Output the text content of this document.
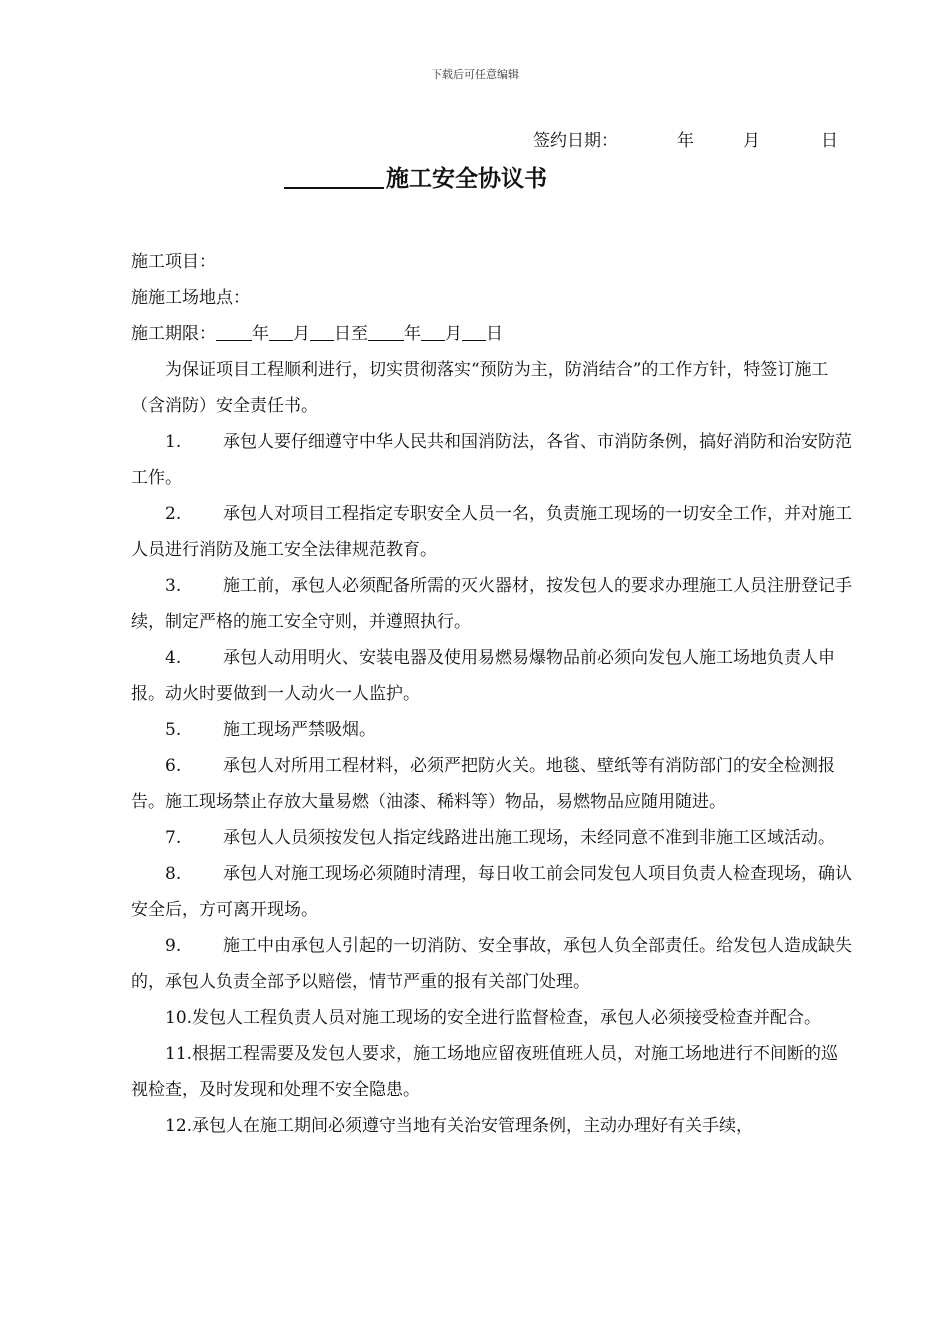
下载后可任意编辑
签约日期：	年	月	日
施工安全协议书

施工项目：

施施工场地点：

施工期限： 年 月 日至 年 月 日

为保证项目工程顺利进行，切实贯彻落实“预防为主，防消结合”的工作方针，特签订施工（含消防）安全责任书。

1. 承包人要仔细遵守中华人民共和国消防法，各省、市消防条例，搞好消防和治安防范工作。

2. 承包人对项目工程指定专职安全人员一名，负责施工现场的一切安全工作，并对施工人员进行消防及施工安全法律规范教育。

3. 施工前，承包人必须配备所需的灭火器材，按发包人的要求办理施工人员注册登记手续，制定严格的施工安全守则，并遵照执行。

4. 承包人动用明火、安装电器及使用易燃易爆物品前必须向发包人施工场地负责人申报。动火时要做到一人动火一人监护。

5. 施工现场严禁吸烟。

6. 承包人对所用工程材料，必须严把防火关。地毯、壁纸等有消防部门的安全检测报告。施工现场禁止存放大量易燃（油漆、稀料等）物品，易燃物品应随用随进。

7. 承包人人员须按发包人指定线路进出施工现场，未经同意不准到非施工区域活动。

8. 承包人对施工现场必须随时清理，每日收工前会同发包人项目负责人检查现场，确认安全后，方可离开现场。

9. 施工中由承包人引起的一切消防、安全事故，承包人负全部责任。给发包人造成缺失的，承包人负责全部予以赔偿，情节严重的报有关部门处理。

10.发包人工程负责人员对施工现场的安全进行监督检查，承包人必须接受检查并配合。

11.根据工程需要及发包人要求，施工场地应留夜班值班人员，对施工场地进行不间断的巡视检查，及时发现和处理不安全隐患。

12.承包人在施工期间必须遵守当地有关治安管理条例，主动办理好有关手续，
